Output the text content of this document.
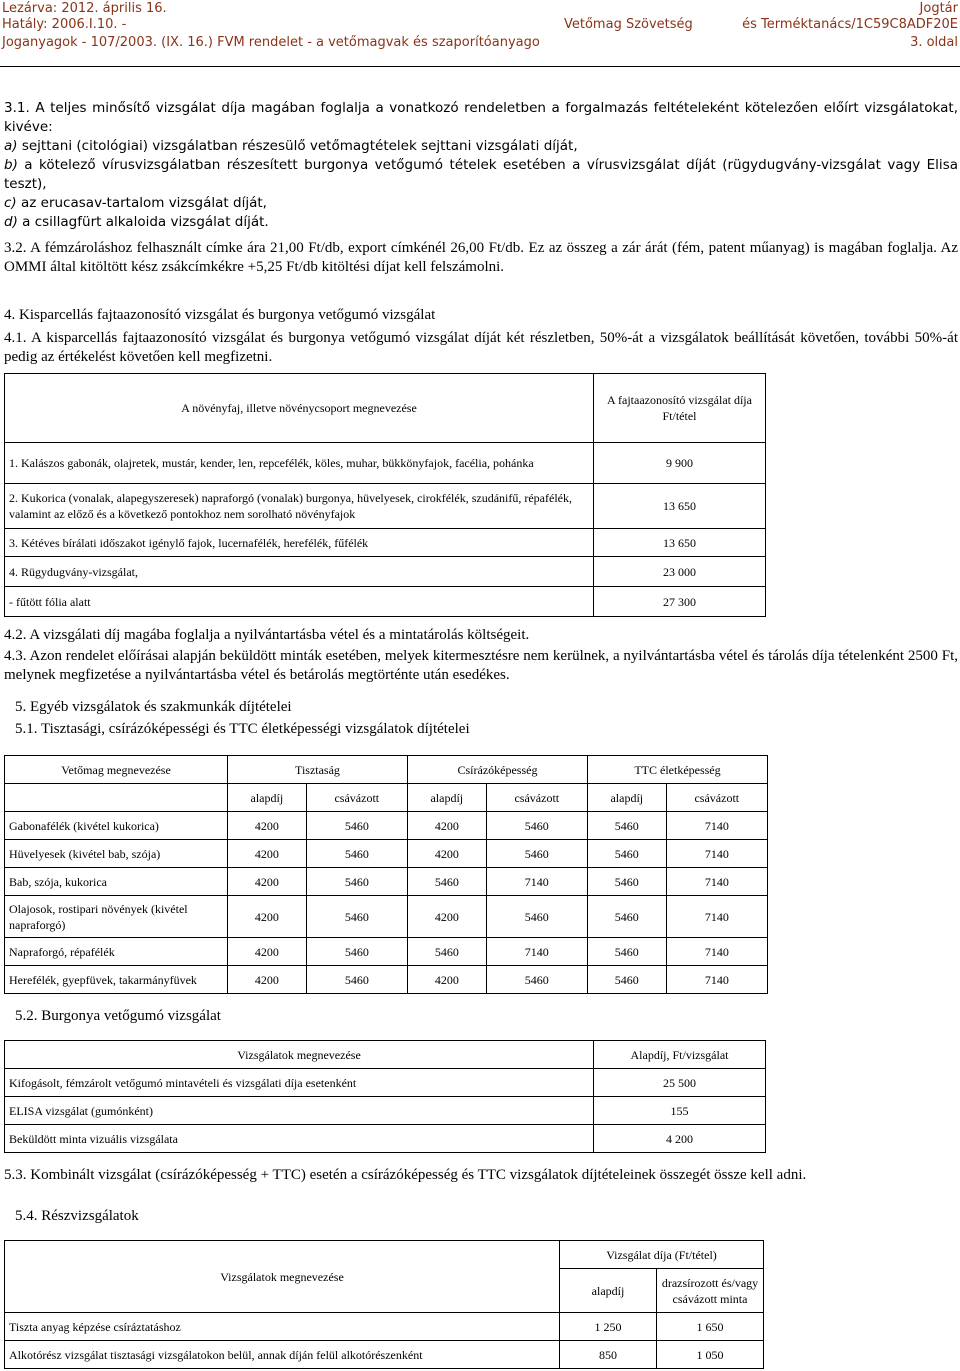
Lezárva: 2012. április 16.
Hatály: 2006.I.10. -
Joganyagok - 107/2003. (IX. 16.) FVM rendelet - a vetőmagvak és szaporítóanyago
Vetőmag Szövetség
Jogtár
és Terméktanács/1C59C8ADF20E
3. oldal
3.1. A teljes minősítő vizsgálat díja magában foglalja a vonatkozó rendeletben a forgalmazás feltételeként kötelezően előírt vizsgálatokat, kivéve:
a) sejttani (citológiai) vizsgálatban részesülő vetőmagtételek sejttani vizsgálati díját,
b) a kötelező vírusvizsgálatban részesített burgonya vetőgumó tételek esetében a vírusvizsgálat díját (rügydugvány-vizsgálat vagy Elisa teszt),
c) az erucasav-tartalom vizsgálat díját,
d) a csillagfürt alkaloida vizsgálat díját.
3.2. A fémzároláshoz felhasznált címke ára 21,00 Ft/db, export címkénél 26,00 Ft/db. Ez az összeg a zár árát (fém, patent műanyag) is magában foglalja. Az OMMI által kitöltött kész zsákcímkékre +5,25 Ft/db kitöltési díjat kell felszámolni.
4. Kisparcellás fajtaazonosító vizsgálat és burgonya vetőgumó vizsgálat
4.1. A kisparcellás fajtaazonosító vizsgálat és burgonya vetőgumó vizsgálat díját két részletben, 50%-át a vizsgálatok beállítását követően, további 50%-át pedig az értékelést követően kell megfizetni.
A növényfaj, illetve növénycsoport megnevezése	A fajtaazonosító vizsgálat díja Ft/tétel
1. Kalászos gabonák, olajretek, mustár, kender, len, repcefélék, köles, muhar, bükkönyfajok, facélia, pohánka	9 900
2. Kukorica (vonalak, alapegyszeresek) napraforgó (vonalak) burgonya, hüvelyesek, cirokfélék, szudánifű, répafélék, valamint az előző és a következő pontokhoz nem sorolható növényfajok	13 650
3. Kétéves bírálati időszakot igénylő fajok, lucernafélék, herefélék, fűfélék	13 650
4. Rügydugvány-vizsgálat,	23 000
- fűtött fólia alatt	27 300
4.2. A vizsgálati díj magába foglalja a nyilvántartásba vétel és a mintatárolás költségeit.
4.3. Azon rendelet előírásai alapján beküldött minták esetében, melyek kitermesztésre nem kerülnek, a nyilvántartásba vétel és tárolás díja tételenként 2500 Ft, melynek megfizetése a nyilvántartásba vétel és betárolás megtörténte után esedékes.
5. Egyéb vizsgálatok és szakmunkák díjtételei
5.1. Tisztasági, csírázóképességi és TTC életképességi vizsgálatok díjtételei
Vetőmag megnevezése	Tisztaság		Csírázóképesség		TTC életképesség	
	alapdíj	csávázott	alapdíj	csávázott	alapdíj	csávázott
Gabonafélék (kivétel kukorica)	4200	5460	4200	5460	5460	7140
Hüvelyesek (kivétel bab, szója)	4200	5460	4200	5460	5460	7140
Bab, szója, kukorica	4200	5460	5460	7140	5460	7140
Olajosok, rostipari növények (kivétel napraforgó)	4200	5460	4200	5460	5460	7140
Napraforgó, répafélék	4200	5460	5460	7140	5460	7140
Herefélék, gyepfüvek, takarmányfüvek	4200	5460	4200	5460	5460	7140
5.2. Burgonya vetőgumó vizsgálat
Vizsgálatok megnevezése	Alapdíj, Ft/vizsgálat
Kifogásolt, fémzárolt vetőgumó mintavételi és vizsgálati díja esetenként	25 500
ELISA vizsgálat (gumónként)	155
Beküldött minta vizuális vizsgálata	4 200
5.3. Kombinált vizsgálat (csírázóképesség + TTC) esetén a csírázóképesség és TTC vizsgálatok díjtételeinek összegét össze kell adni.
5.4. Részvizsgálatok
Vizsgálatok megnevezése	Vizsgálat díja (Ft/tétel)	
	alapdíj	drazsírozott és/vagy csávázott minta
Tiszta anyag képzése csíráztatáshoz	1 250	1 650
Alkotórész vizsgálat tisztasági vizsgálatokon belül, annak díján felül alkotórészenként	850	1 050
